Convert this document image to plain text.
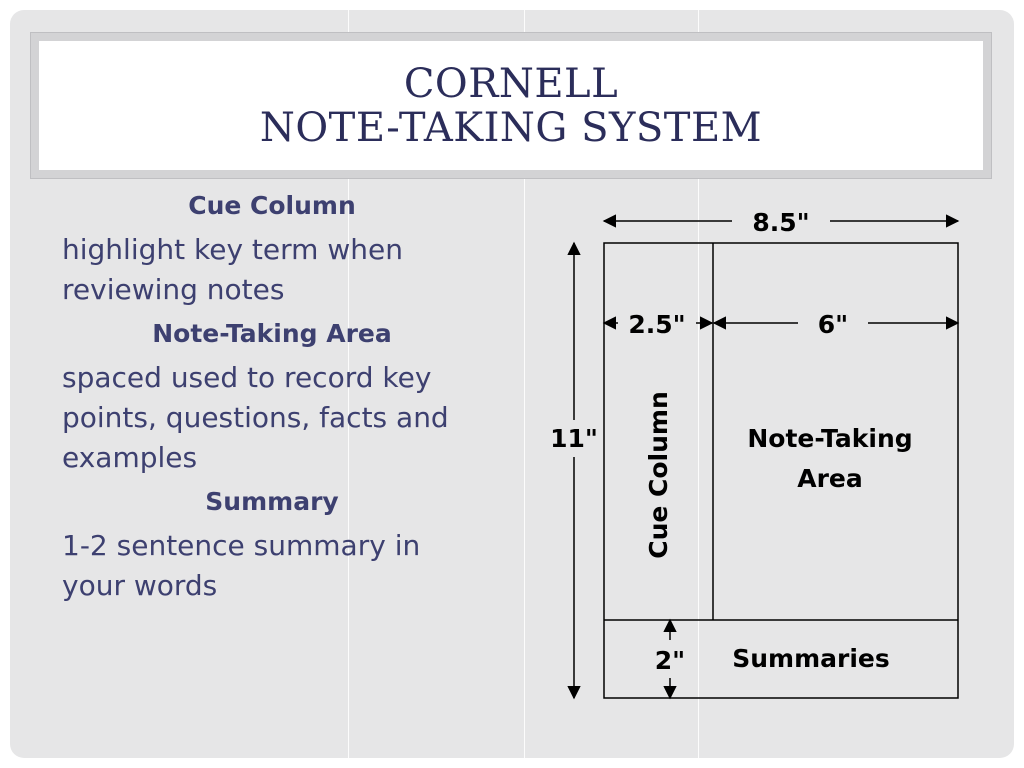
CORNELL
NOTE-TAKING SYSTEM
Cue Column
highlight key term when reviewing notes
Note-Taking Area
spaced used to record key points, questions, facts and examples
Summary
1-2 sentence summary in your words
8.5"
2.5"	6"
11"
2"
Cue Column	Note-Taking
Area
Summaries
